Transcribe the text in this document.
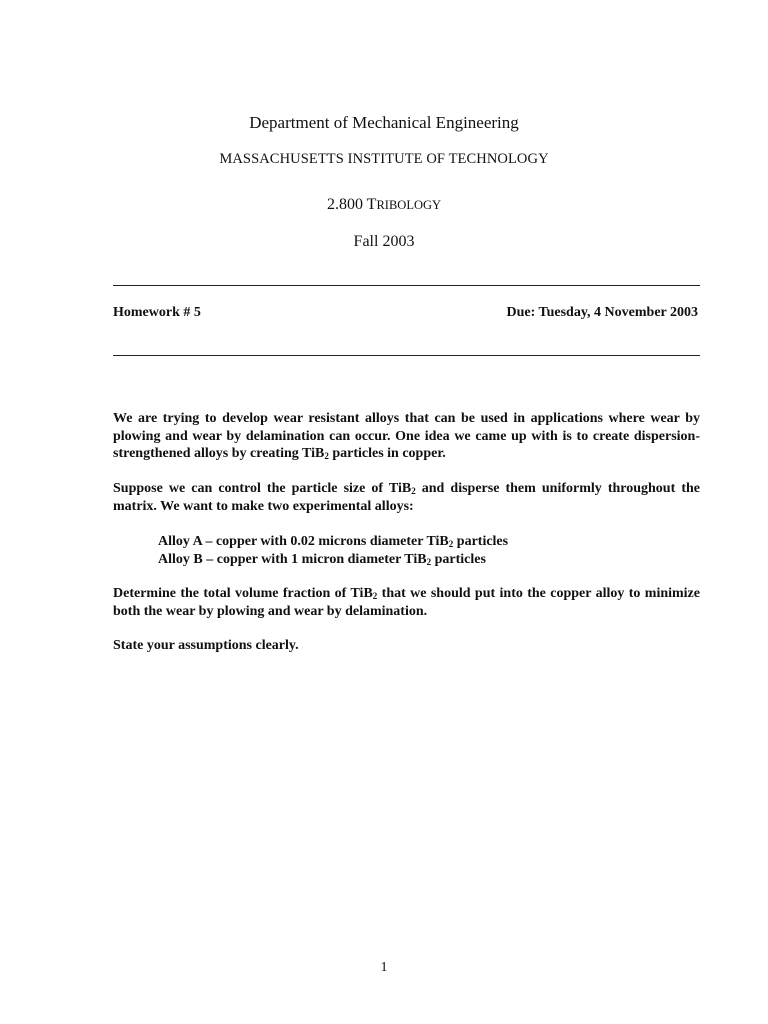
Department of Mechanical Engineering

MASSACHUSETTS INSTITUTE OF TECHNOLOGY

2.800 TRIBOLOGY

Fall 2003

Homework # 5	Due: Tuesday, 4 November 2003

We are trying to develop wear resistant alloys that can be used in applications where wear by plowing and wear by delamination can occur. One idea we came up with is to create dispersion-strengthened alloys by creating TiB$_2$ particles in copper.

Suppose we can control the particle size of TiB$_2$ and disperse them uniformly throughout the matrix. We want to make two experimental alloys:

Alloy A – copper with 0.02 microns diameter TiB$_2$ particles
Alloy B – copper with 1 micron diameter TiB$_2$ particles

Determine the total volume fraction of TiB$_2$ that we should put into the copper alloy to minimize both the wear by plowing and wear by delamination.

State your assumptions clearly.

1
